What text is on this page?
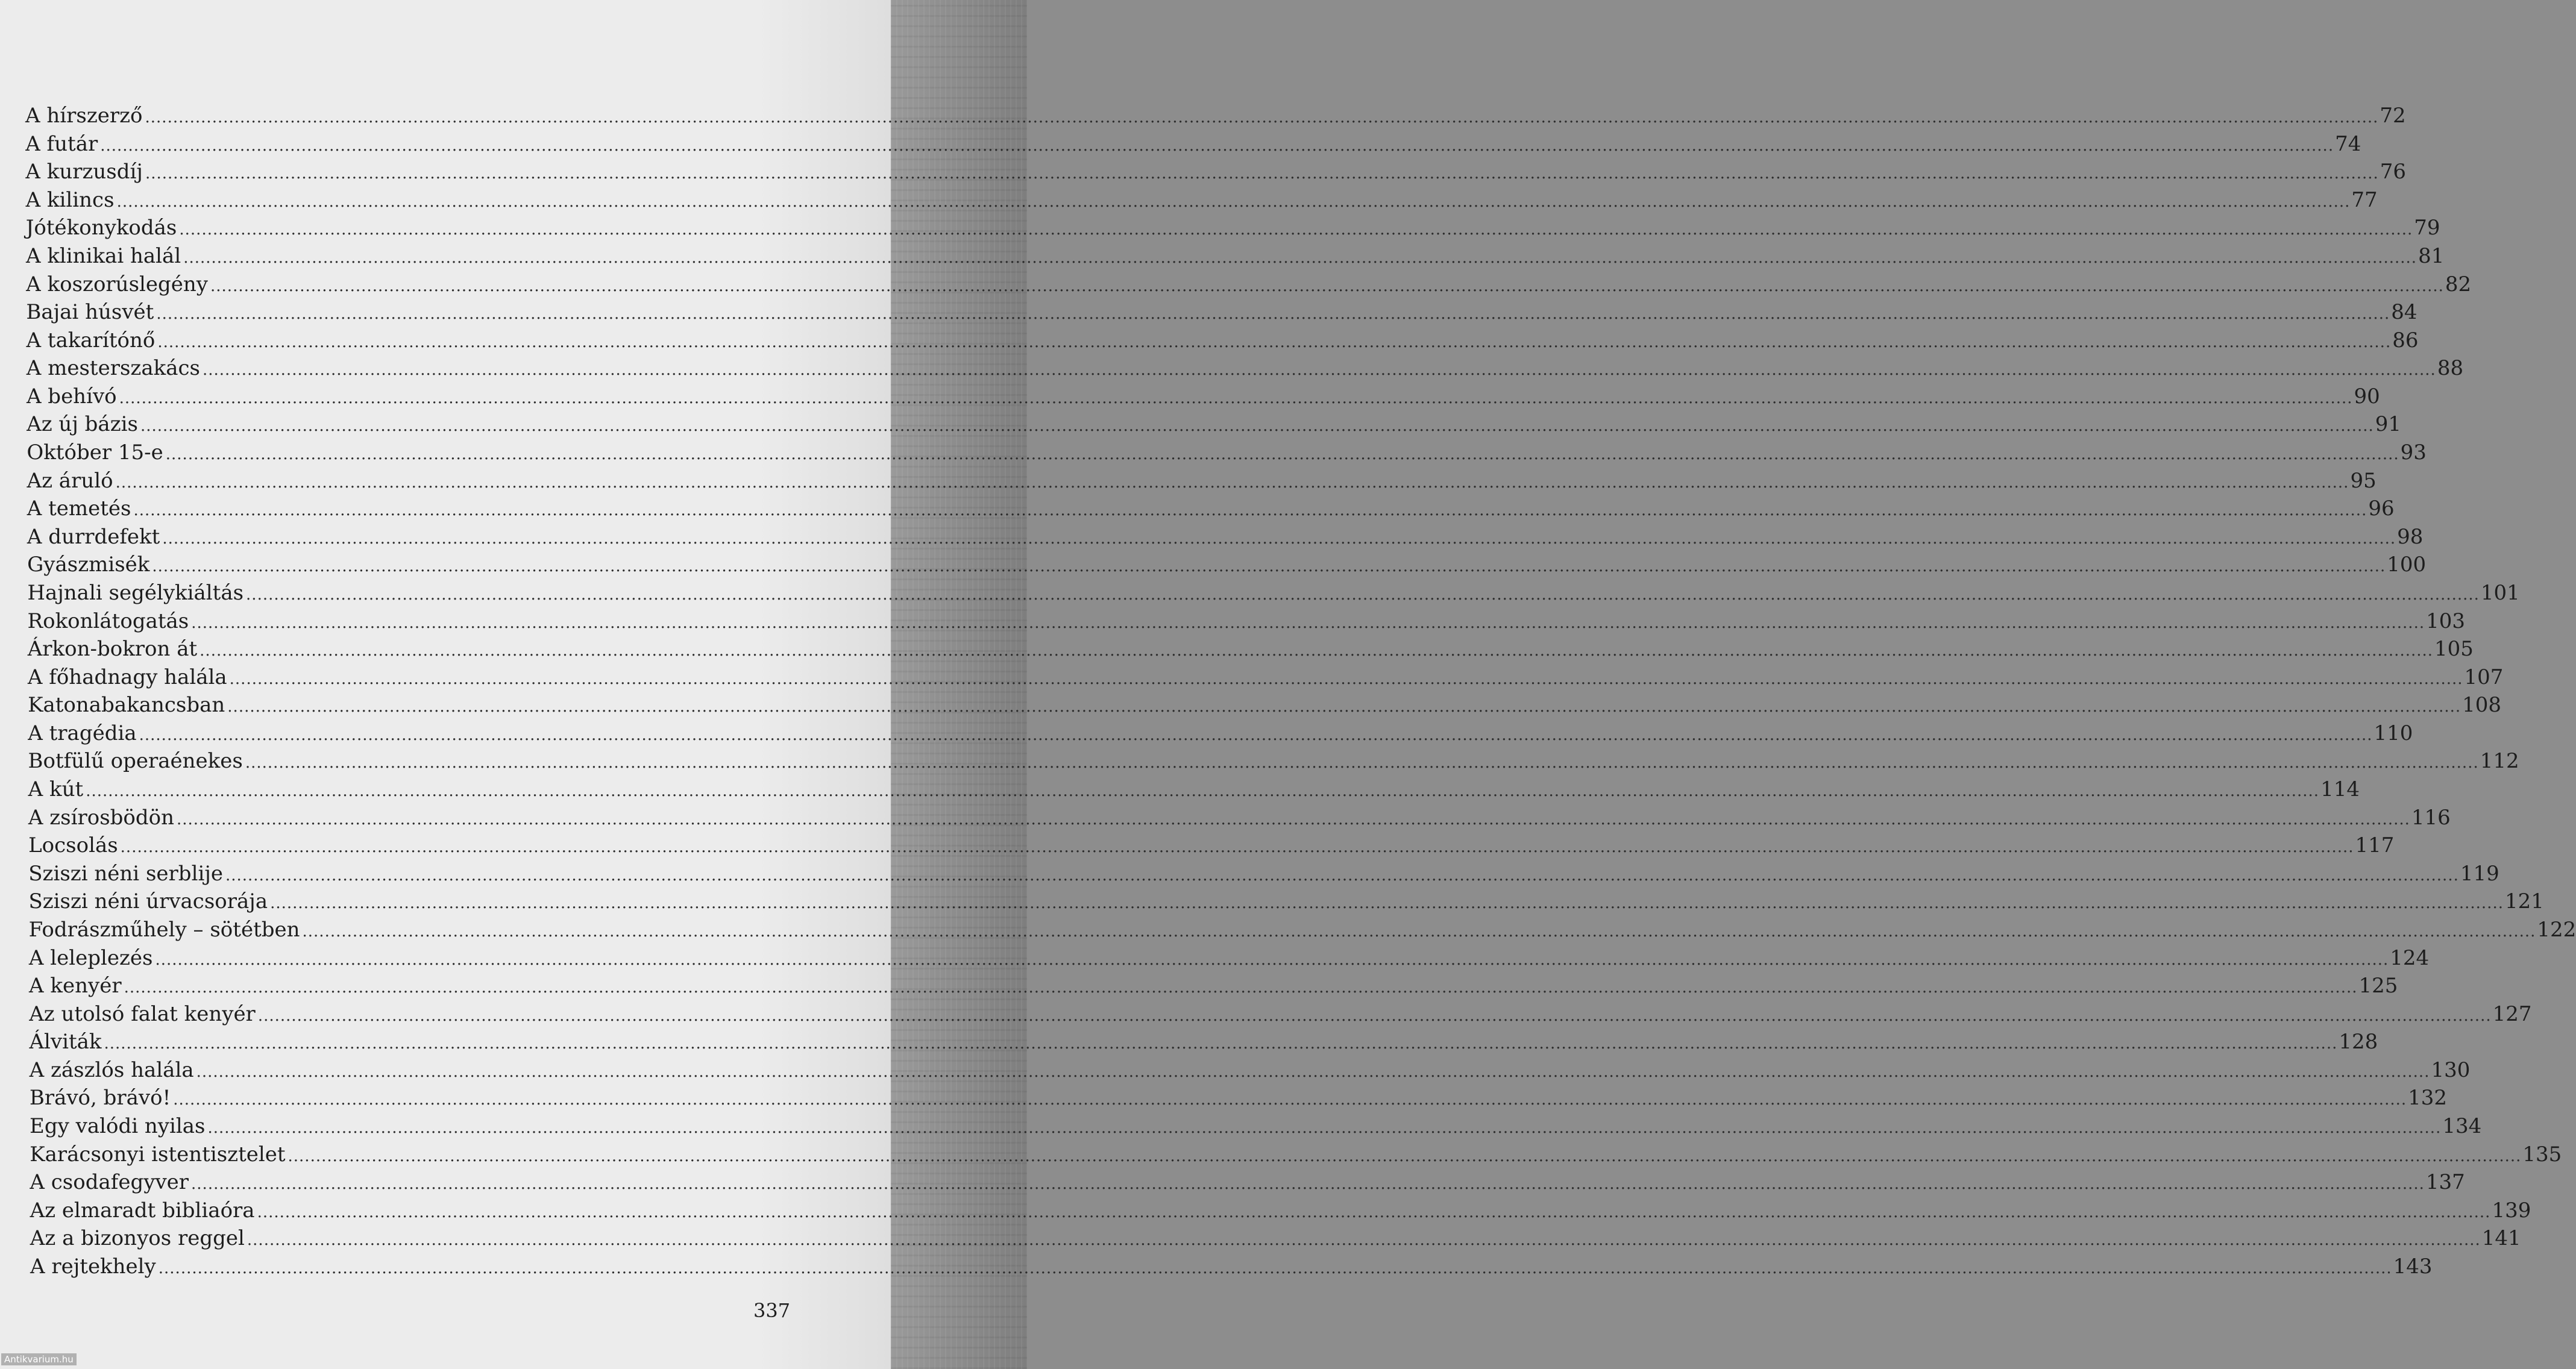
A hírszerző ................................................................................................................................................................................................................................................................................................................................................................................................................ 72
A futár ................................................................................................................................................................................................................................................................................................................................................................................................................ 74
A kurzusdíj ................................................................................................................................................................................................................................................................................................................................................................................................................ 76
A kilincs ................................................................................................................................................................................................................................................................................................................................................................................................................ 77
Jótékonykodás ................................................................................................................................................................................................................................................................................................................................................................................................................ 79
A klinikai halál ................................................................................................................................................................................................................................................................................................................................................................................................................ 81
A koszorúslegény ................................................................................................................................................................................................................................................................................................................................................................................................................ 82
Bajai húsvét ................................................................................................................................................................................................................................................................................................................................................................................................................ 84
A takarítónő ................................................................................................................................................................................................................................................................................................................................................................................................................ 86
A mesterszakács ................................................................................................................................................................................................................................................................................................................................................................................................................ 88
A behívó ................................................................................................................................................................................................................................................................................................................................................................................................................ 90
Az új bázis ................................................................................................................................................................................................................................................................................................................................................................................................................ 91
Október 15-e ................................................................................................................................................................................................................................................................................................................................................................................................................ 93
Az áruló ................................................................................................................................................................................................................................................................................................................................................................................................................ 95
A temetés ................................................................................................................................................................................................................................................................................................................................................................................................................ 96
A durrdefekt ................................................................................................................................................................................................................................................................................................................................................................................................................ 98
Gyászmisék ................................................................................................................................................................................................................................................................................................................................................................................................................ 100
Hajnali segélykiáltás ................................................................................................................................................................................................................................................................................................................................................................................................................ 101
Rokonlátogatás ................................................................................................................................................................................................................................................................................................................................................................................................................ 103
Árkon-bokron át ................................................................................................................................................................................................................................................................................................................................................................................................................ 105
A főhadnagy halála ................................................................................................................................................................................................................................................................................................................................................................................................................ 107
Katonabakancsban ................................................................................................................................................................................................................................................................................................................................................................................................................ 108
A tragédia ................................................................................................................................................................................................................................................................................................................................................................................................................ 110
Botfülű operaénekes ................................................................................................................................................................................................................................................................................................................................................................................................................ 112
A kút ................................................................................................................................................................................................................................................................................................................................................................................................................ 114
A zsírosbödön ................................................................................................................................................................................................................................................................................................................................................................................................................ 116
Locsolás ................................................................................................................................................................................................................................................................................................................................................................................................................ 117
Sziszi néni serblije ................................................................................................................................................................................................................................................................................................................................................................................................................ 119
Sziszi néni úrvacsorája ................................................................................................................................................................................................................................................................................................................................................................................................................ 121
Fodrászműhely – sötétben ................................................................................................................................................................................................................................................................................................................................................................................................................ 122
A leleplezés ................................................................................................................................................................................................................................................................................................................................................................................................................ 124
A kenyér ................................................................................................................................................................................................................................................................................................................................................................................................................ 125
Az utolsó falat kenyér ................................................................................................................................................................................................................................................................................................................................................................................................................ 127
Álviták ................................................................................................................................................................................................................................................................................................................................................................................................................ 128
A zászlós halála ................................................................................................................................................................................................................................................................................................................................................................................................................ 130
Brávó, brávó! ................................................................................................................................................................................................................................................................................................................................................................................................................ 132
Egy valódi nyilas ................................................................................................................................................................................................................................................................................................................................................................................................................ 134
Karácsonyi istentisztelet ................................................................................................................................................................................................................................................................................................................................................................................................................ 135
A csodafegyver ................................................................................................................................................................................................................................................................................................................................................................................................................ 137
Az elmaradt bibliaóra ................................................................................................................................................................................................................................................................................................................................................................................................................ 139
Az a bizonyos reggel ................................................................................................................................................................................................................................................................................................................................................................................................................ 141
A rejtekhely ................................................................................................................................................................................................................................................................................................................................................................................................................ 143
337
Antikvarium.hu
